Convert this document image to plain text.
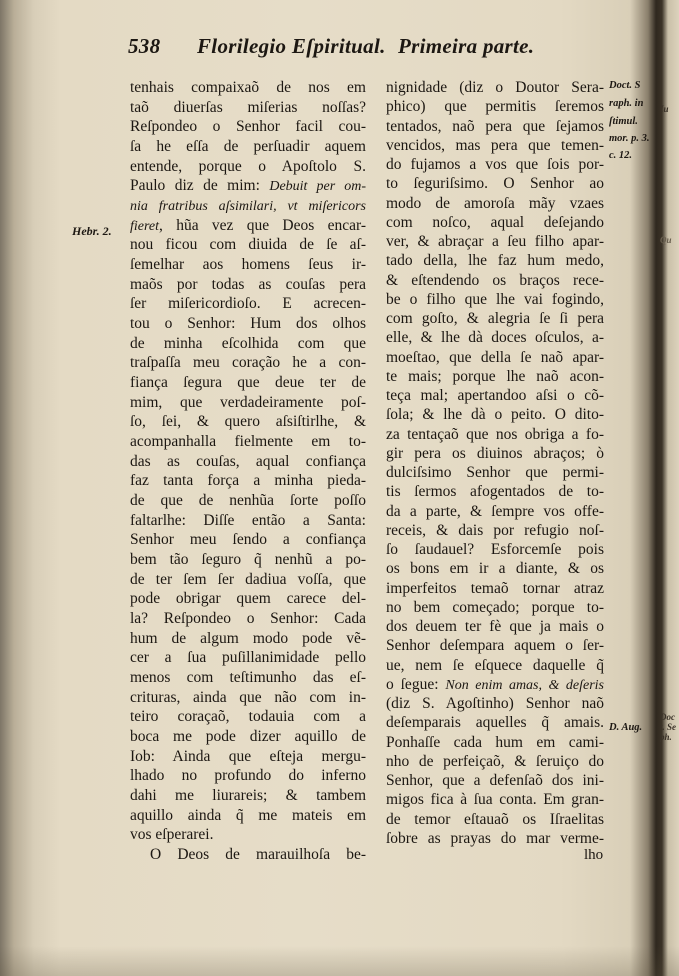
538 Florilegio Eſpiritual. Primeira parte.
tenhais compaixaõ de nos em
taõ diuerſas miſerias noſſas?
Reſpondeo o Senhor facil cou-
ſa he eſſa de perſuadir aquem
entende, porque o Apoſtolo S.
Paulo diz de mim: Debuit per om-
nia fratribus aſsimilari, vt miſericors
fieret, hũa vez que Deos encar-
nou ficou com diuida de ſe aſ-
ſemelhar aos homens ſeus ir-
maõs por todas as couſas pera
ſer miſericordioſo. E acrecen-
tou o Senhor: Hum dos olhos
de minha eſcolhida com que
traſpaſſa meu coração he a con-
fiança ſegura que deue ter de
mim, que verdadeiramente poſ-
ſo, ſei, & quero aſsiſtirlhe, &
acompanhalla fielmente em to-
das as couſas, aqual confiança
faz tanta força a minha pieda-
de que de nenhũa ſorte poſſo
faltarlhe: Diſſe então a Santa:
Senhor meu ſendo a confiança
bem tão ſeguro q̃ nenhũ a po-
de ter ſem ſer dadiua voſſa, que
pode obrigar quem carece del-
la? Reſpondeo o Senhor: Cada
hum de algum modo pode vẽ-
cer a ſua puſillanimidade pello
menos com teſtimunho das eſ-
crituras, ainda que não com in-
teiro coraçaõ, todauia com a
boca me pode dizer aquillo de
Iob: Ainda que eſteja mergu-
lhado no profundo do inferno
dahi me liurareis; & tambem
aquillo ainda q̃ me mateis em
vos eſperarei.
O Deos de marauilhoſa be-
nignidade (diz o Doutor Sera-
phico) que permitis ſeremos
tentados, naõ pera que ſejamos
vencidos, mas pera que temen-
do fujamos a vos que ſois por-
to ſeguriſsimo. O Senhor ao
modo de amoroſa mãy vzaes
com noſco, aqual deſejando
ver, & abraçar a ſeu filho apar-
tado della, lhe faz hum medo,
& eſtendendo os braços rece-
be o filho que lhe vai fogindo,
com goſto, & alegria ſe ſi pera
elle, & lhe dà doces oſculos, a-
moeſtao, que della ſe naõ apar-
te mais; porque lhe naõ acon-
teça mal; apertandoo aſsi o cõ-
ſola; & lhe dà o peito. O dito-
za tentaçaõ que nos obriga a fo-
gir pera os diuinos abraços; ò
dulciſsimo Senhor que permi-
tis ſermos afogentados de to-
da a parte, & ſempre vos offe-
receis, & dais por refugio noſ-
ſo ſaudauel? Esforcemſe pois
os bons em ir a diante, & os
imperfeitos temaõ tornar atraz
no bem começado; porque to-
dos deuem ter fè que ja mais o
Senhor deſempara aquem o ſer-
ue, nem ſe eſquece daquelle q̃
o ſegue: Non enim amas, & deſeris
(diz S. Agoſtinho) Senhor naõ
deſemparais aquelles q̃ amais.
Ponhaſſe cada hum em cami-
nho de perfeiçaõ, & ſeruiço do
Senhor, que a defenſaõ dos ini-
migos fica à ſua conta. Em gran-
de temor eſtauaõ os Iſraelitas
ſobre as prayas do mar verme-
lho
Hebr. 2.
Doct. S
raph. in
ſtimul.
mor. p. 3.
c. 12.
D. Aug.
Iu
Qu
Doct. Se
ph.
